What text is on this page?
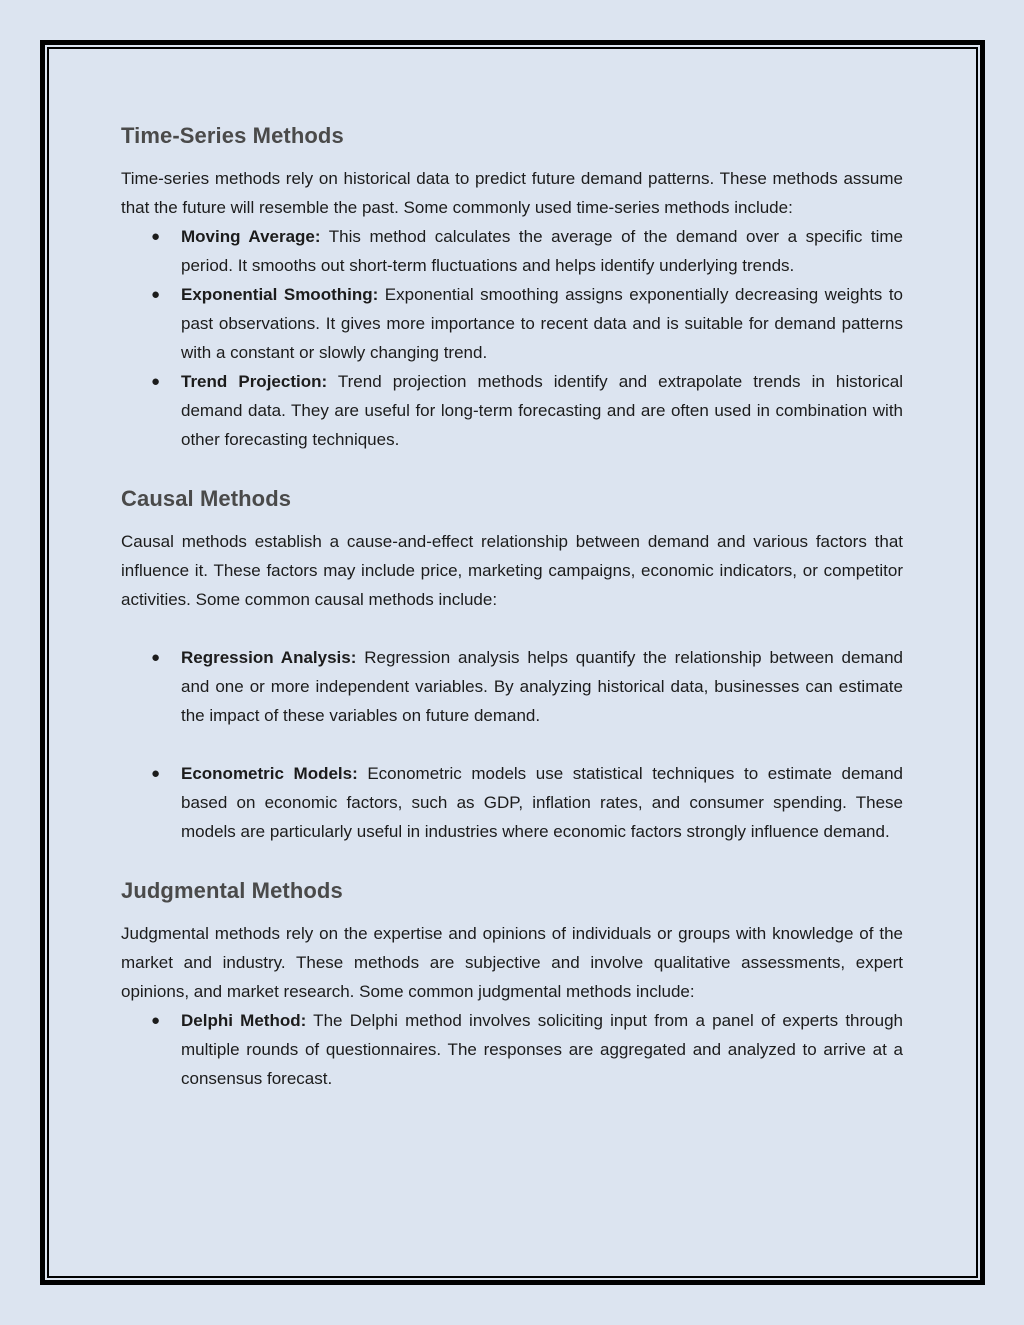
Time-Series Methods

Time-series methods rely on historical data to predict future demand patterns. These methods assume that the future will resemble the past. Some commonly used time-series methods include:

● Moving Average: This method calculates the average of the demand over a specific time period. It smooths out short-term fluctuations and helps identify underlying trends.
● Exponential Smoothing: Exponential smoothing assigns exponentially decreasing weights to past observations. It gives more importance to recent data and is suitable for demand patterns with a constant or slowly changing trend.
● Trend Projection: Trend projection methods identify and extrapolate trends in historical demand data. They are useful for long-term forecasting and are often used in combination with other forecasting techniques.
Causal Methods

Causal methods establish a cause-and-effect relationship between demand and various factors that influence it. These factors may include price, marketing campaigns, economic indicators, or competitor activities. Some common causal methods include:

● Regression Analysis: Regression analysis helps quantify the relationship between demand and one or more independent variables. By analyzing historical data, businesses can estimate the impact of these variables on future demand.
● Econometric Models: Econometric models use statistical techniques to estimate demand based on economic factors, such as GDP, inflation rates, and consumer spending. These models are particularly useful in industries where economic factors strongly influence demand.
Judgmental Methods

Judgmental methods rely on the expertise and opinions of individuals or groups with knowledge of the market and industry. These methods are subjective and involve qualitative assessments, expert opinions, and market research. Some common judgmental methods include:

● Delphi Method: The Delphi method involves soliciting input from a panel of experts through multiple rounds of questionnaires. The responses are aggregated and analyzed to arrive at a consensus forecast.
